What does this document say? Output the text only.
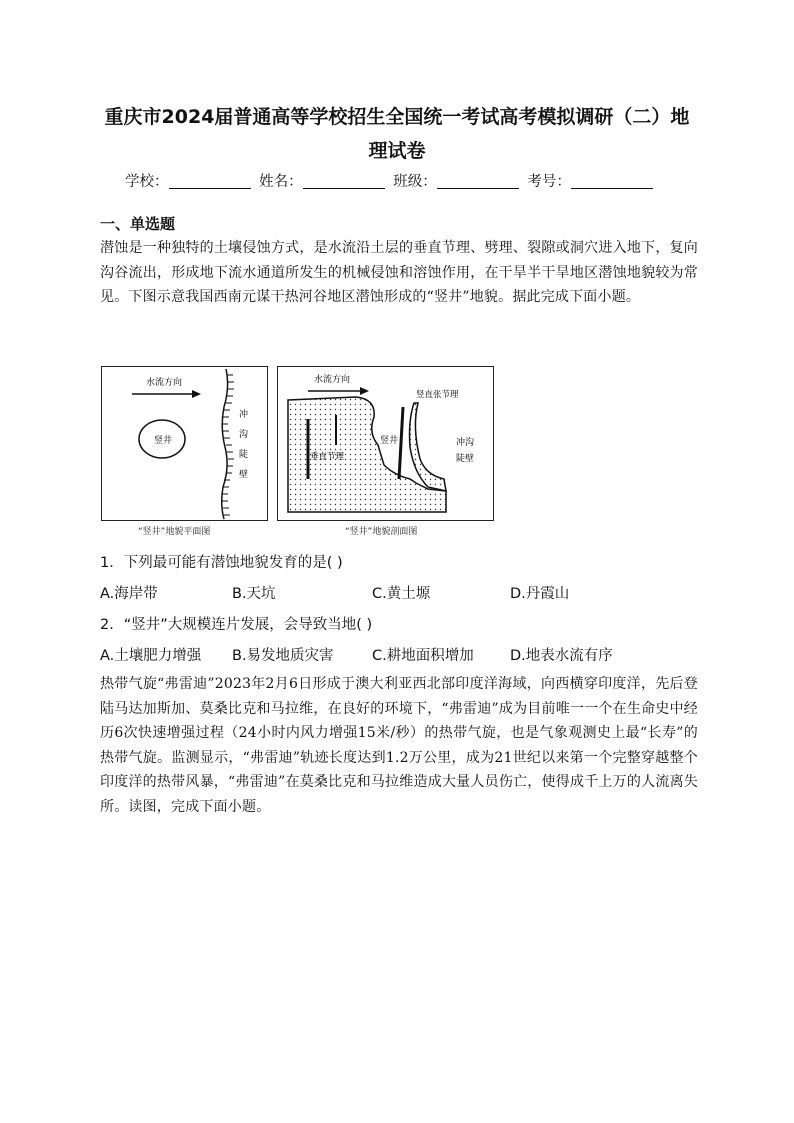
重庆市2024届普通高等学校招生全国统一考试高考模拟调研（二）地
理试卷
学校：	姓名：	班级：	考号：
一、单选题
潜蚀是一种独特的土壤侵蚀方式，是水流沿土层的垂直节理、劈理、裂隙或洞穴进入地下，复向沟谷流出，形成地下流水通道所发生的机械侵蚀和溶蚀作用，在干旱半干旱地区潜蚀地貌较为常见。下图示意我国西南元谋干热河谷地区潜蚀形成的“竖井”地貌。据此完成下面小题。
水流方向
竖井
冲
沟
陡
壁
“竖井”地貌平面图
水流方向
竖直张节理
竖井
垂直节理
冲沟
陡壁
“竖井”地貌剖面图
1．下列最可能有潜蚀地貌发育的是( )
A.海岸带	B.天坑	C.黄土塬	D.丹霞山
2．“竖井”大规模连片发展，会导致当地( )
A.土壤肥力增强 B.易发地质灾害	C.耕地面积增加	D.地表水流有序
热带气旋“弗雷迪”2023年2月6日形成于澳大利亚西北部印度洋海域，向西横穿印度洋，先后登陆马达加斯加、莫桑比克和马拉维，在良好的环境下，“弗雷迪”成为目前唯一一个在生命史中经历6次快速增强过程（24小时内风力增强15米/秒）的热带气旋，也是气象观测史上最“长寿”的热带气旋。监测显示，“弗雷迪”轨迹长度达到1.2万公里，成为21世纪以来第一个完整穿越整个印度洋的热带风暴，“弗雷迪”在莫桑比克和马拉维造成大量人员伤亡，使得成千上万的人流离失所。读图，完成下面小题。
